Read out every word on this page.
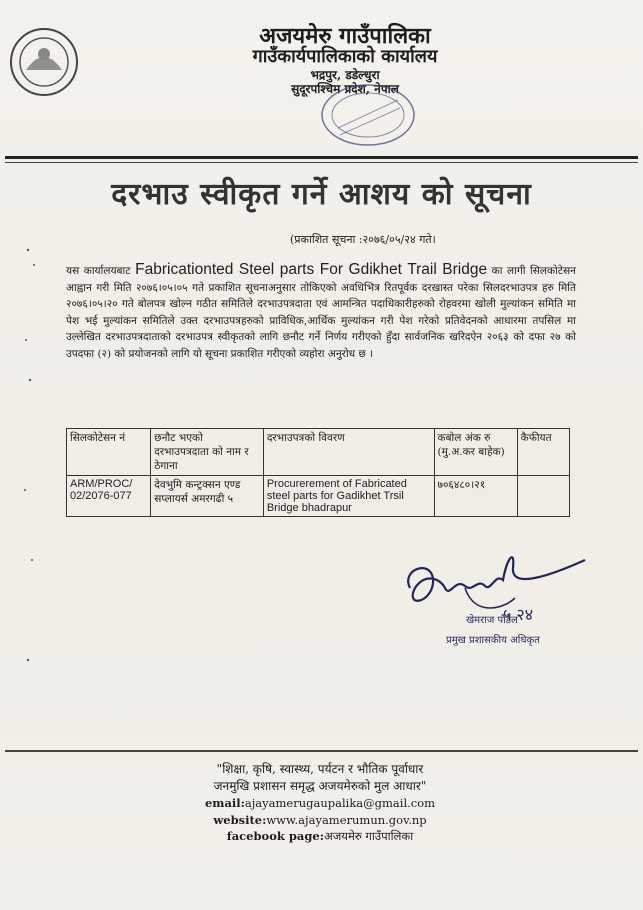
अजयमेरु गाउँपालिका
गाउँकार्यपालिकाको कार्यालय
भद्रपुर, डडेल्धुरा
सुदूरपश्चिम प्रदेश, नेपाल
दरभाउ स्वीकृत गर्ने आशय को सूचना
(प्रकाशित सूचना :२०७६/०५/२४ गते।
यस कार्यालयबाट Fabricationted Steel parts For Gdikhet Trail Bridge का लागी सिलकोटेसन आह्वान गरी मिति २०७६।०५।०५ गते प्रकाशित सूचनाअनुसार तोकिएको अवधिभित्र रितपूर्वक दरखास्त परेका सिलदरभाउपत्र हरु मिति २०७६।०५।२० गते बोलपत्र खोल्न गठीत समितिले दरभाउपत्रदाता एवं आमन्त्रित पदाधिकारीहरुको रोहवरमा खोली मुल्यांकन समिति मा पेश भई मुल्यांकन समितिले उक्त दरभाउपत्रहरुको प्राविधिक,आर्थिक मुल्यांकन गरी पेश गरेको प्रतिवेदनको आधारमा तपसिल मा उल्लेखित दरभाउपत्रदाताको दरभाउपत्र स्वीकृतको लागि छनौट गर्ने निर्णय गरीएको हुँदा सार्वजनिक खरिदऐन २०६३ को दफा २७ को उपदफा (२) को प्रयोजनको लागि यो सूचना प्रकाशित गरीएको व्यहोरा अनुरोध छ ।
सिलकोटेसन नं	छनौट भएको दरभाउपत्रदाता को नाम र ठेगाना	दरभाउपत्रको विवरण	कबोल अंक रु (मु.अ.कर बाहेक)	कैफीयत
ARM/PROC/ 02/2076-077	देवभुमि कन्ट्रक्सन एण्ड सप्लायर्स अमरगढी ५	Procurerement of Fabricated steel parts for Gadikhet Trsil Bridge bhadrapur	७०६४८०।२१	
५ २४
खेमराज पौडेल
प्रमुख प्रशासकीय अधिकृत
"शिक्षा, कृषि, स्वास्थ्य, पर्यटन र भौतिक पूर्वाधार
जनमुखि प्रशासन समृद्ध अजयमेरुको मुल आधार"
email:ajayamerugaupalika@gmail.com
website:www.ajayamerumun.gov.np
facebook page:अजयमेरु गाउँपालिका
